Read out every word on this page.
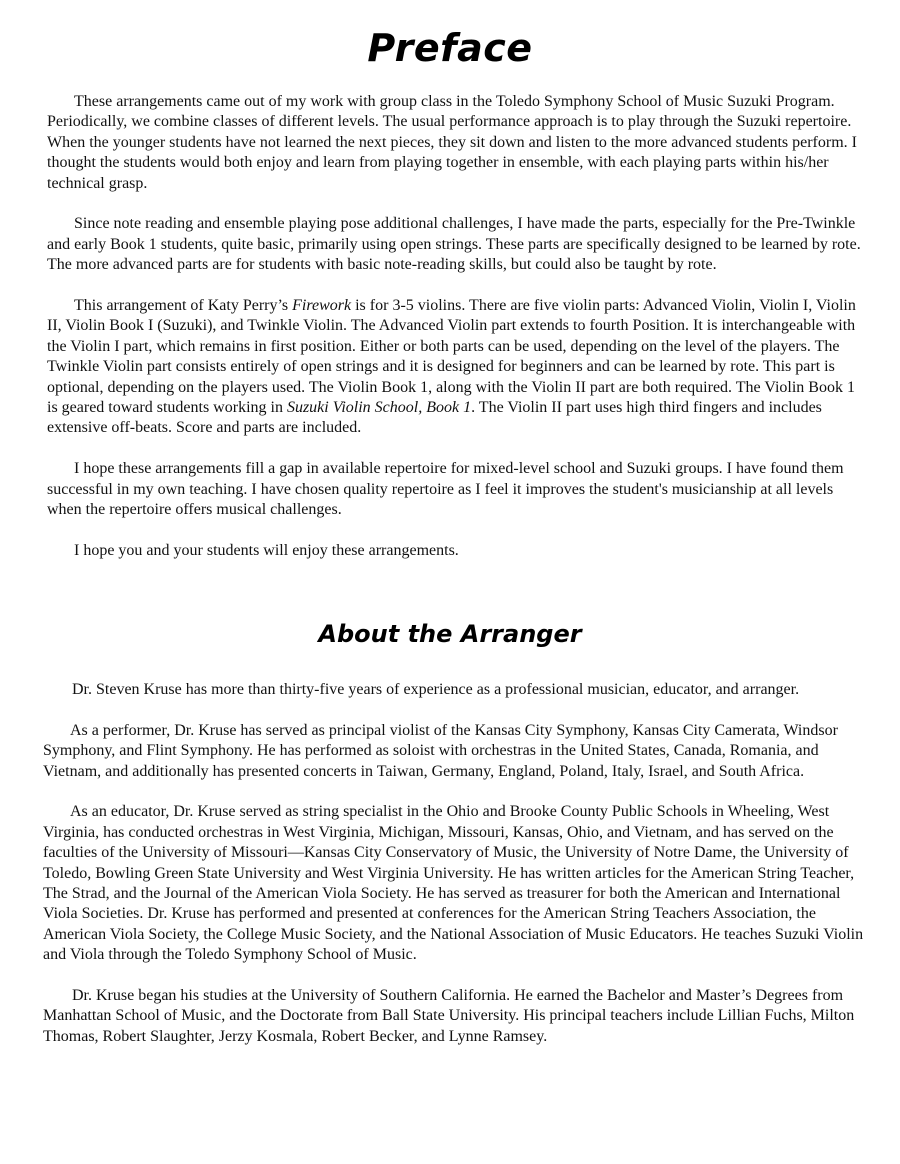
Preface

These arrangements came out of my work with group class in the Toledo Symphony School of Music Suzuki Program. Periodically, we combine classes of different levels. The usual performance approach is to play through the Suzuki repertoire. When the younger students have not learned the next pieces, they sit down and listen to the more advanced students perform. I thought the students would both enjoy and learn from playing together in ensemble, with each playing parts within his/her technical grasp.

Since note reading and ensemble playing pose additional challenges, I have made the parts, especially for the Pre-Twinkle and early Book 1 students, quite basic, primarily using open strings. These parts are specifically designed to be learned by rote. The more advanced parts are for students with basic note-reading skills, but could also be taught by rote.

This arrangement of Katy Perry’s Firework is for 3-5 violins. There are five violin parts: Advanced Violin, Violin I, Violin II, Violin Book I (Suzuki), and Twinkle Violin. The Advanced Violin part extends to fourth Position. It is interchangeable with the Violin I part, which remains in first position. Either or both parts can be used, depending on the level of the players. The Twinkle Violin part consists entirely of open strings and it is designed for beginners and can be learned by rote. This part is optional, depending on the players used. The Violin Book 1, along with the Violin II part are both required. The Violin Book 1 is geared toward students working in Suzuki Violin School, Book 1. The Violin II part uses high third fingers and includes extensive off-beats. Score and parts are included.

I hope these arrangements fill a gap in available repertoire for mixed-level school and Suzuki groups. I have found them successful in my own teaching. I have chosen quality repertoire as I feel it improves the student's musicianship at all levels when the repertoire offers musical challenges.

I hope you and your students will enjoy these arrangements.

About the Arranger

Dr. Steven Kruse has more than thirty-five years of experience as a professional musician, educator, and arranger.

As a performer, Dr. Kruse has served as principal violist of the Kansas City Symphony, Kansas City Camerata, Windsor Symphony, and Flint Symphony. He has performed as soloist with orchestras in the United States, Canada, Romania, and Vietnam, and additionally has presented concerts in Taiwan, Germany, England, Poland, Italy, Israel, and South Africa.

As an educator, Dr. Kruse served as string specialist in the Ohio and Brooke County Public Schools in Wheeling, West Virginia, has conducted orchestras in West Virginia, Michigan, Missouri, Kansas, Ohio, and Vietnam, and has served on the faculties of the University of Missouri—Kansas City Conservatory of Music, the University of Notre Dame, the University of Toledo, Bowling Green State University and West Virginia University. He has written articles for the American String Teacher, The Strad, and the Journal of the American Viola Society. He has served as treasurer for both the American and International Viola Societies. Dr. Kruse has performed and presented at conferences for the American String Teachers Association, the American Viola Society, the College Music Society, and the National Association of Music Educators. He teaches Suzuki Violin and Viola through the Toledo Symphony School of Music.

Dr. Kruse began his studies at the University of Southern California. He earned the Bachelor and Master’s Degrees from Manhattan School of Music, and the Doctorate from Ball State University. His principal teachers include Lillian Fuchs, Milton Thomas, Robert Slaughter, Jerzy Kosmala, Robert Becker, and Lynne Ramsey.
